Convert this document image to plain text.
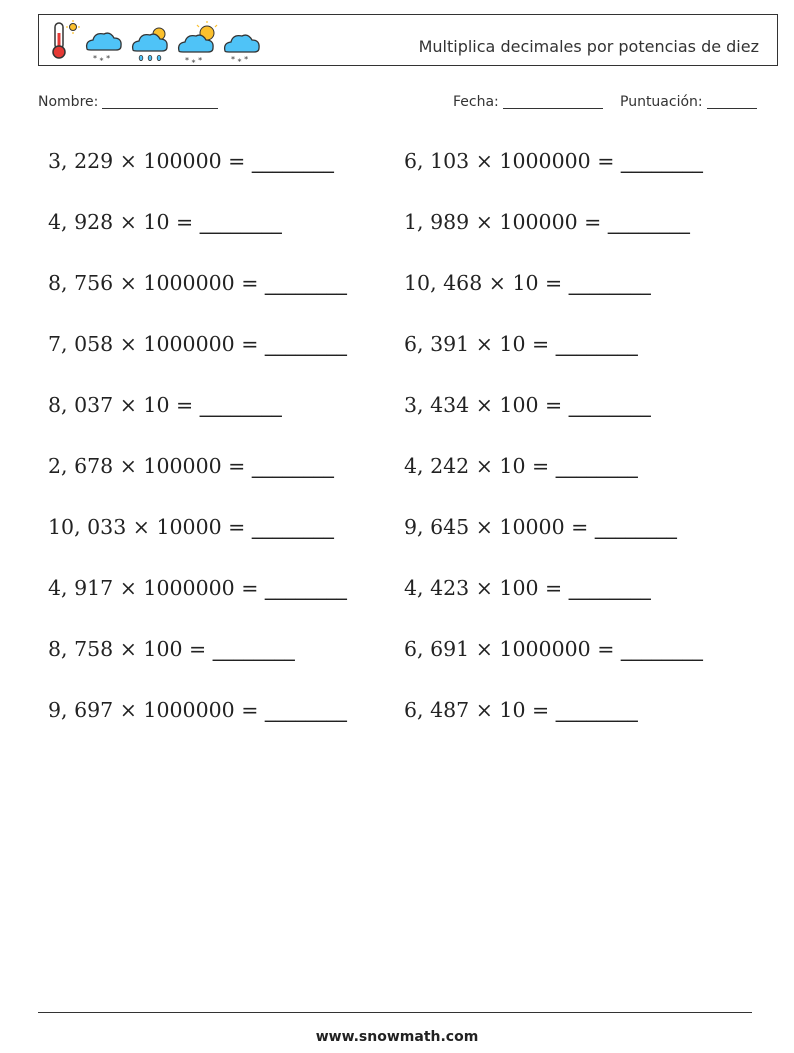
* ⁎ *	* ⁎ *	* ⁎ *
Multiplica decimales por potencias de diez
Nombre:	Fecha:	Puntuación:
3, 229 × 100000 = ________	6, 103 × 1000000 = ________
4, 928 × 10 = ________	1, 989 × 100000 = ________
8, 756 × 1000000 = ________	10, 468 × 10 = ________
7, 058 × 1000000 = ________	6, 391 × 10 = ________
8, 037 × 10 = ________	3, 434 × 100 = ________
2, 678 × 100000 = ________	4, 242 × 10 = ________
10, 033 × 10000 = ________	9, 645 × 10000 = ________
4, 917 × 1000000 = ________	4, 423 × 100 = ________
8, 758 × 100 = ________	6, 691 × 1000000 = ________
9, 697 × 1000000 = ________	6, 487 × 10 = ________
www.snowmath.com
